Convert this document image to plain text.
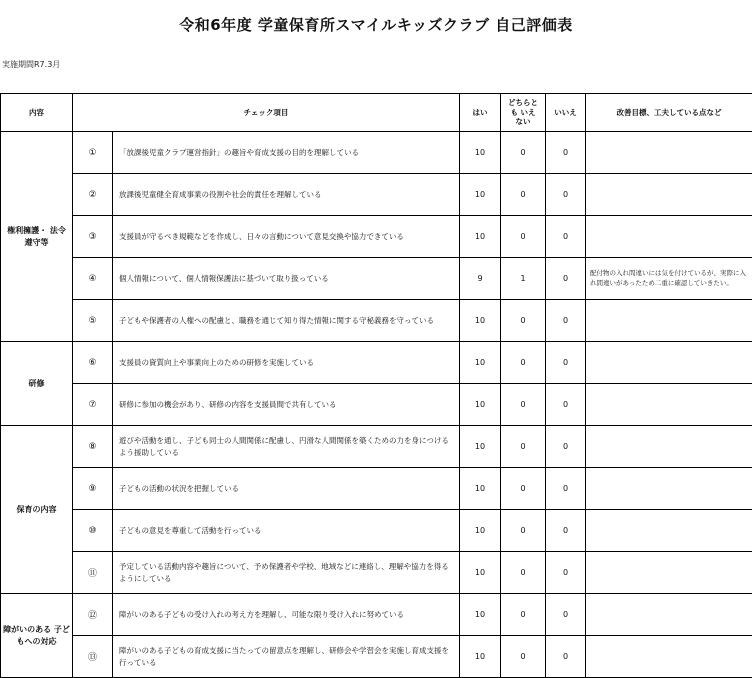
令和6年度 学童保育所スマイルキッズクラブ 自己評価表
実施期間R7.3月
内容	チェック項目		はい	どちらと も いえない	いいえ	改善目標、工夫している点など
権利擁護・ 法令遵守等	①	「放課後児童クラブ運営指針」の趣旨や育成支援の目的を理解している	10	0	0	
	②	放課後児童健全育成事業の役割や社会的責任を理解している	10	0	0	
	③	支援員が守るべき規範などを作成し、日々の言動について意見交換や協力できている	10	0	0	
	④	個人情報について、個人情報保護法に基づいて取り扱っている	9	1	0	配付物の入れ間違いには気を付けているが、実際に入れ間違いがあったため二重に確認していきたい。
	⑤	子どもや保護者の人権への配慮と、職務を通じて知り得た情報に関する守秘義務を守っている	10	0	0	
研修	⑥	支援員の資質向上や事業向上のための研修を実施している	10	0	0	
	⑦	研修に参加の機会があり、研修の内容を支援員間で共有している	10	0	0	
保育の内容	⑧	遊びや活動を通し、子ども同士の人間関係に配慮し、円滑な人間関係を築くための力を身につけるよう援助している	10	0	0	
	⑨	子どもの活動の状況を把握している	10	0	0	
	⑩	子どもの意見を尊重して活動を行っている	10	0	0	
	⑪	予定している活動内容や趣旨について、予め保護者や学校、地域などに連絡し、理解や協力を得るようにしている	10	0	0	
障がいのある 子どもへの対応	⑫	障がいのある子どもの受け入れの考え方を理解し、可能な限り受け入れに努めている	10	0	0	
	⑬	障がいのある子どもの育成支援に当たっての留意点を理解し、研修会や学習会を実施し育成支援を行っている	10	0	0	
